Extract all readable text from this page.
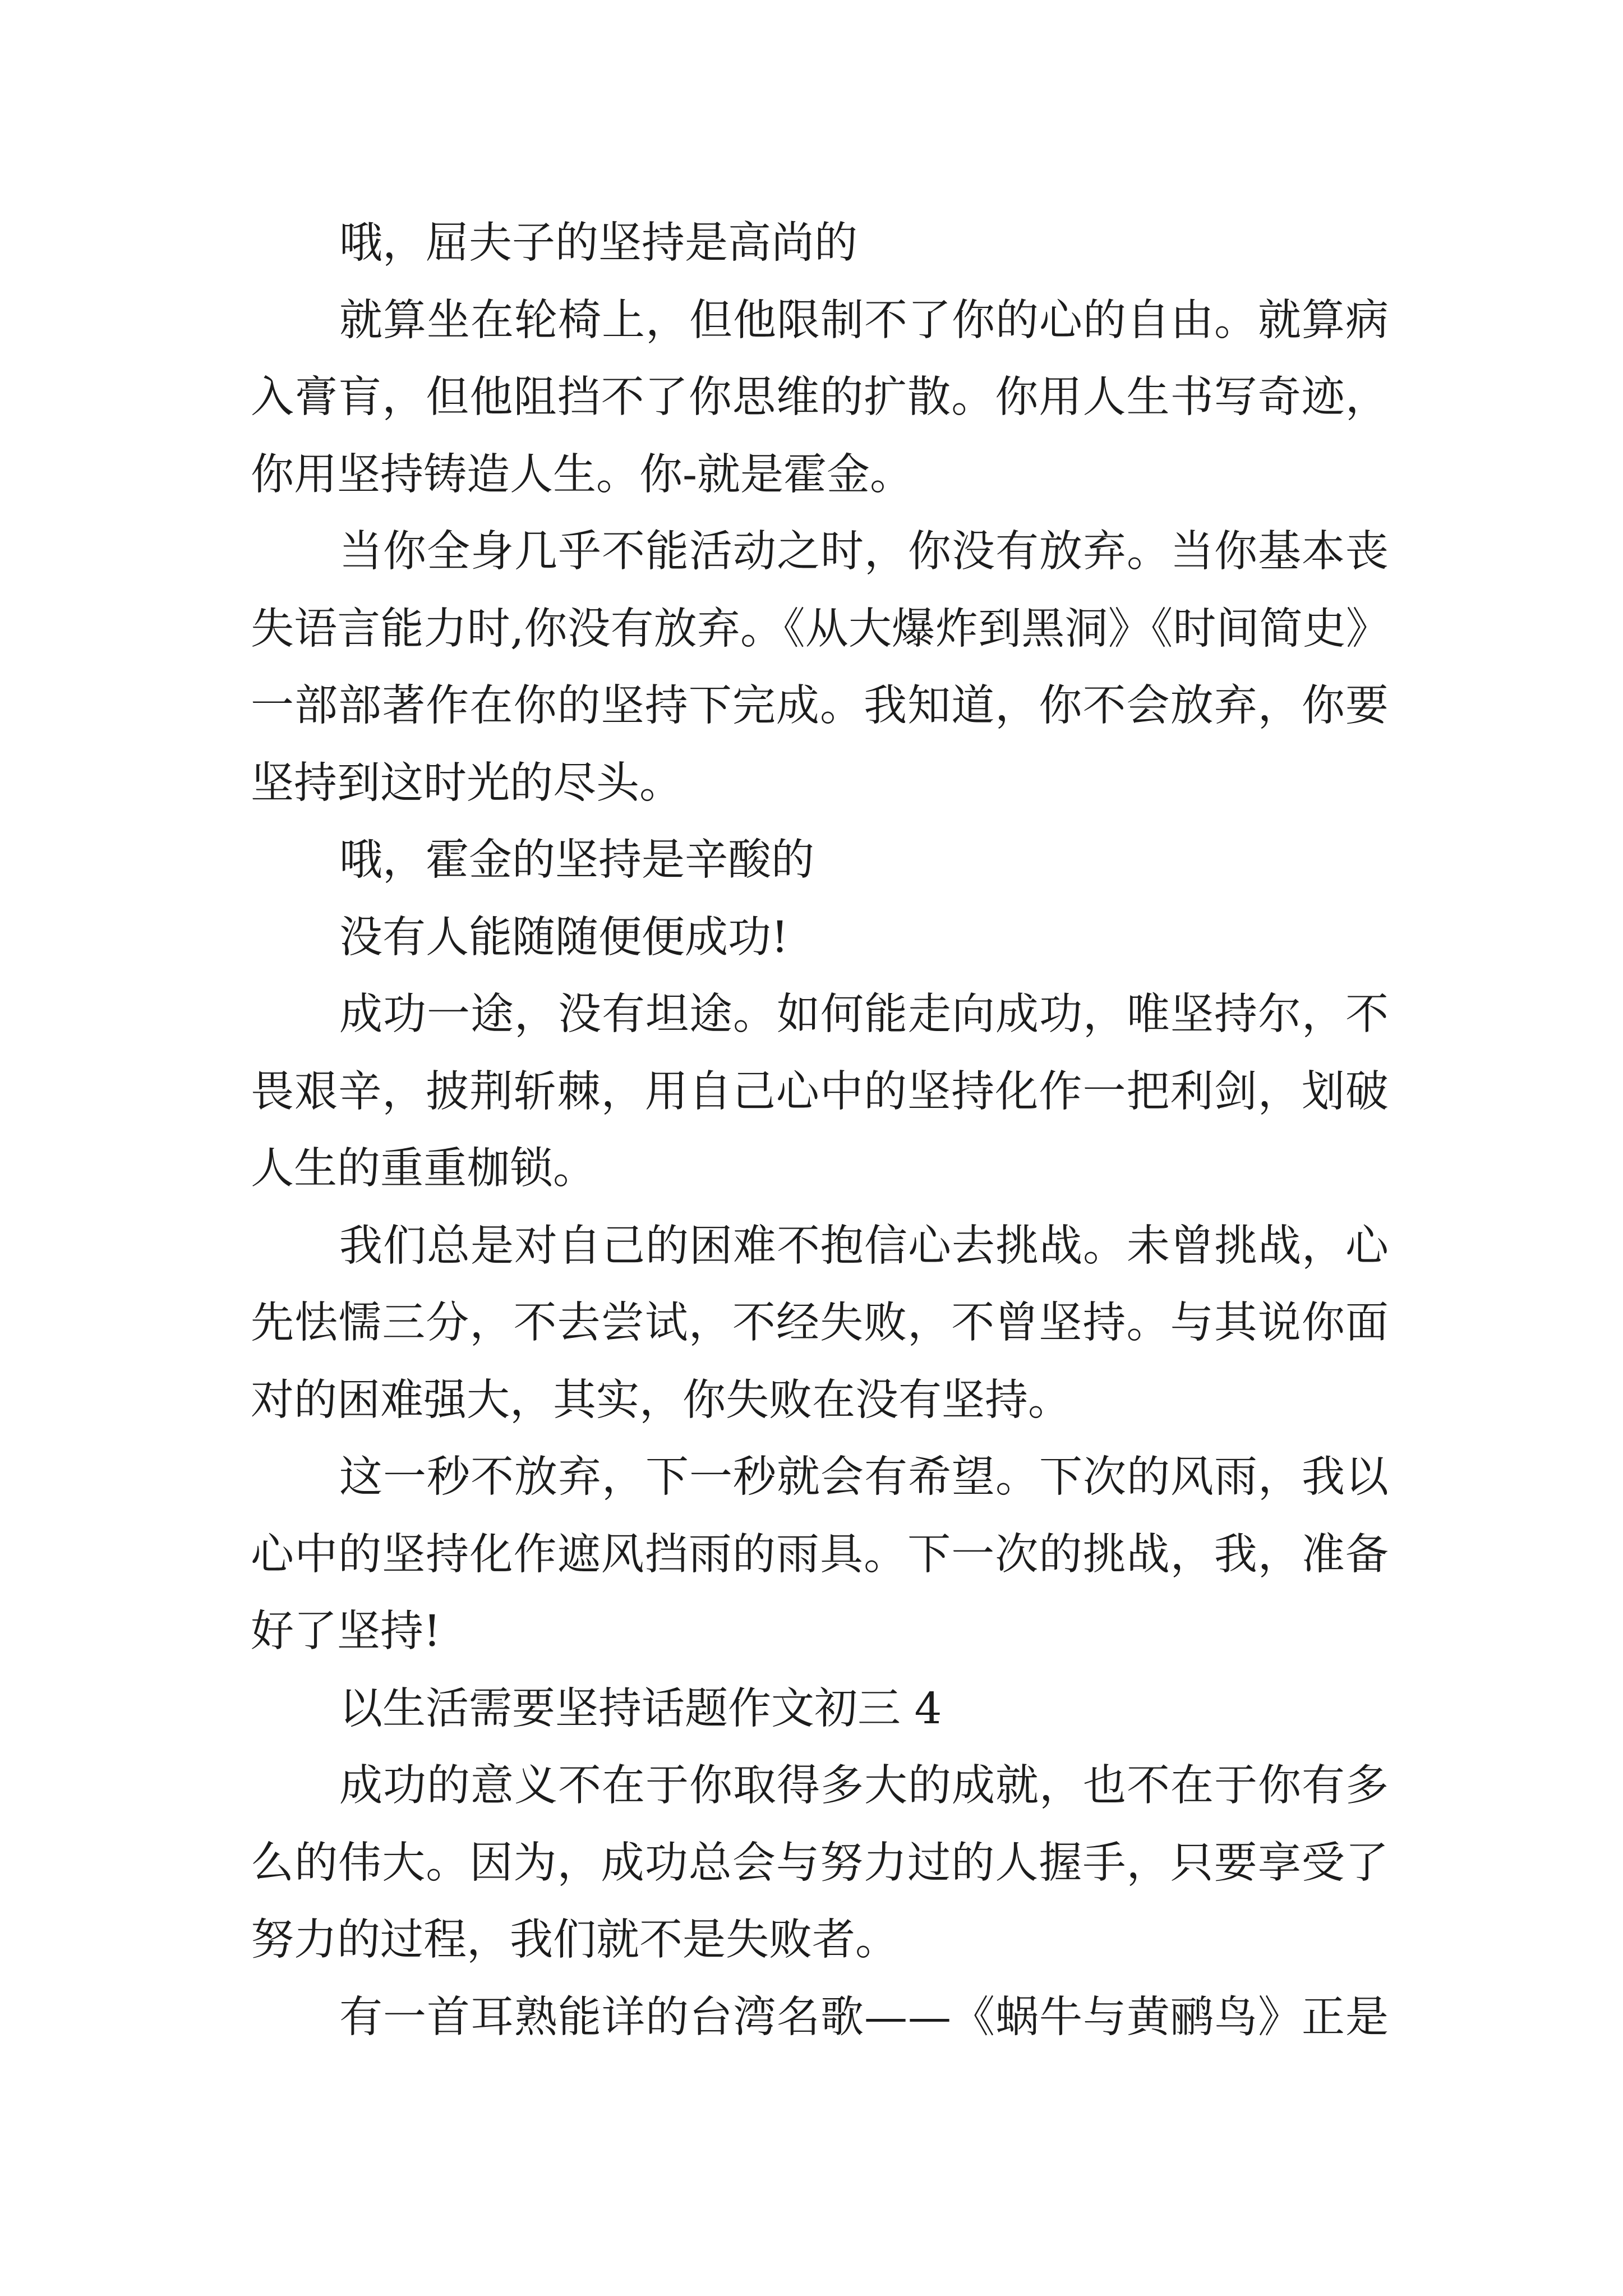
哦，屈夫子的坚持是高尚的
就算坐在轮椅上，但他限制不了你的心的自由。就算病
入膏肓，但他阻挡不了你思维的扩散。你用人生书写奇迹，
你用坚持铸造人生。你-就是霍金。
当你全身几乎不能活动之时，你没有放弃。当你基本丧
失语言能力时,你没有放弃。《从大爆炸到黑洞》《时间简史》
一部部著作在你的坚持下完成。我知道，你不会放弃，你要
坚持到这时光的尽头。
哦，霍金的坚持是辛酸的
没有人能随随便便成功!
成功一途，没有坦途。如何能走向成功，唯坚持尔，不
畏艰辛，披荆斩棘，用自己心中的坚持化作一把利剑，划破
人生的重重枷锁。
我们总是对自己的困难不抱信心去挑战。未曾挑战，心
先怯懦三分，不去尝试，不经失败，不曾坚持。与其说你面
对的困难强大，其实，你失败在没有坚持。
这一秒不放弃，下一秒就会有希望。下次的风雨，我以
心中的坚持化作遮风挡雨的雨具。下一次的挑战，我，准备
好了坚持!
以生活需要坚持话题作文初三 4
成功的意义不在于你取得多大的成就，也不在于你有多
么的伟大。因为，成功总会与努力过的人握手，只要享受了
努力的过程，我们就不是失败者。
有一首耳熟能详的台湾名歌——《蜗牛与黄鹂鸟》正是
